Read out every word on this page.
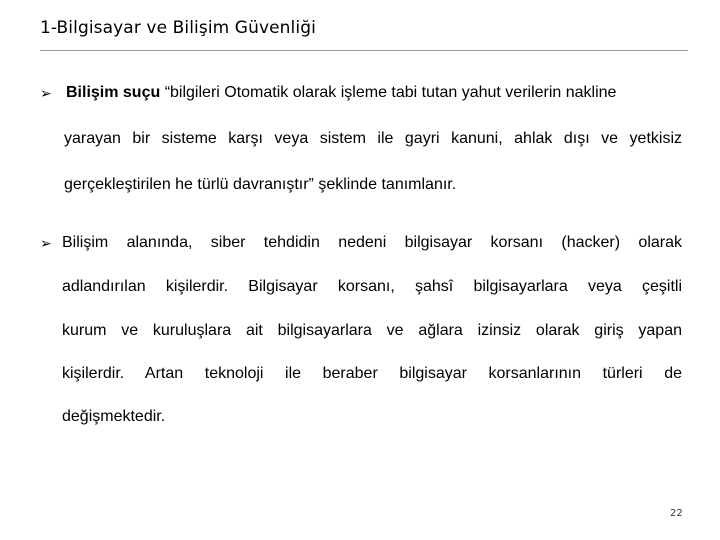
1-Bilgisayar ve Bilişim Güvenliği
➢ Bilişim suçu “bilgileri Otomatik olarak işleme tabi tutan yahut verilerin nakline
yarayan bir sisteme karşı veya sistem ile gayri kanuni, ahlak dışı ve yetkisiz
gerçekleştirilen he türlü davranıştır” şeklinde tanımlanır.
➢ Bilişim alanında, siber tehdidin nedeni bilgisayar korsanı (hacker) olarak
adlandırılan kişilerdir. Bilgisayar korsanı, şahsî bilgisayarlara veya çeşitli
kurum ve kuruluşlara ait bilgisayarlara ve ağlara izinsiz olarak giriş yapan
kişilerdir. Artan teknoloji ile beraber bilgisayar korsanlarının türleri de
değişmektedir.
22
